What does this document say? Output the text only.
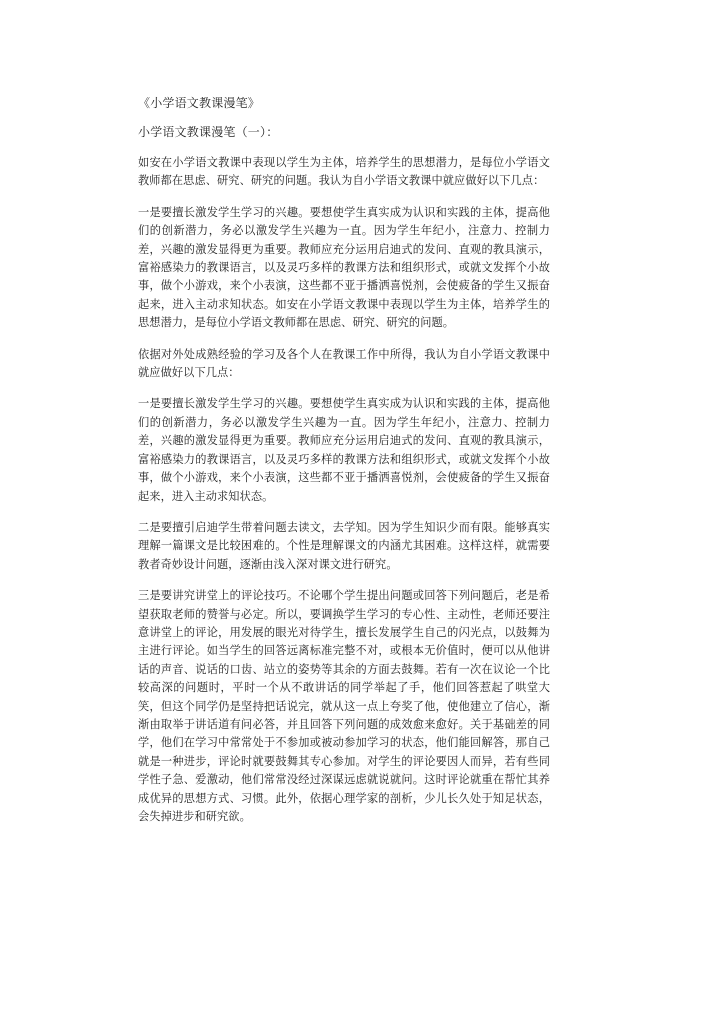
《小学语文教课漫笔》
小学语文教课漫笔（一）：

如安在小学语文教课中表现以学生为主体，培养学生的思想潜力，是每位小学语文教师都在思虑、研究、研究的问题。我认为自小学语文教课中就应做好以下几点：

一是要擅长激发学生学习的兴趣。要想使学生真实成为认识和实践的主体，提高他们的创新潜力，务必以激发学生兴趣为一直。因为学生年纪小，注意力、控制力差，兴趣的激发显得更为重要。教师应充分运用启迪式的发问、直观的教具演示，富裕感染力的教课语言，以及灵巧多样的教课方法和组织形式，或就文发挥个小故事，做个小游戏，来个小表演，这些都不亚于播洒喜悦剂，会使疲备的学生又振奋起来，进入主动求知状态。如安在小学语文教课中表现以学生为主体，培养学生的思想潜力，是每位小学语文教师都在思虑、研究、研究的问题。

依据对外处成熟经验的学习及各个人在教课工作中所得，我认为自小学语文教课中就应做好以下几点：

一是要擅长激发学生学习的兴趣。要想使学生真实成为认识和实践的主体，提高他们的创新潜力，务必以激发学生兴趣为一直。因为学生年纪小，注意力、控制力差，兴趣的激发显得更为重要。教师应充分运用启迪式的发问、直观的教具演示，富裕感染力的教课语言，以及灵巧多样的教课方法和组织形式，或就文发挥个小故事，做个小游戏，来个小表演，这些都不亚于播洒喜悦剂，会使疲备的学生又振奋起来，进入主动求知状态。

二是要擅引启迪学生带着问题去读文，去学知。因为学生知识少而有限。能够真实理解一篇课文是比较困难的。个性是理解课文的内涵尤其困难。这样这样，就需要教者奇妙设计问题，逐渐由浅入深对课文进行研究。

三是要讲究讲堂上的评论技巧。不论哪个学生提出问题或回答下列问题后，老是希望获取老师的赞誉与必定。所以，要调换学生学习的专心性、主动性，老师还要注意讲堂上的评论，用发展的眼光对待学生，擅长发展学生自己的闪光点，以鼓舞为主进行评论。如当学生的回答远离标准完整不对，或根本无价值时，便可以从他讲话的声音、说话的口齿、站立的姿势等其余的方面去鼓舞。若有一次在议论一个比较高深的问题时，平时一个从不敢讲话的同学举起了手，他们回答惹起了哄堂大笑，但这个同学仍是坚持把话说完，就从这一点上夸奖了他，使他建立了信心，渐渐由取举于讲话道有问必答，并且回答下列问题的成效愈来愈好。关于基础差的同学，他们在学习中常常处于不参加或被动参加学习的状态，他们能回解答，那自己就是一种进步，评论时就要鼓舞其专心参加。对学生的评论要因人而异，若有些同学性子急、爱激动，他们常常没经过深谋远虑就说就问。这时评论就重在帮忙其养成优异的思想方式、习惯。此外，依据心理学家的剖析，少儿长久处于知足状态，会失掉进步和研究欲。
